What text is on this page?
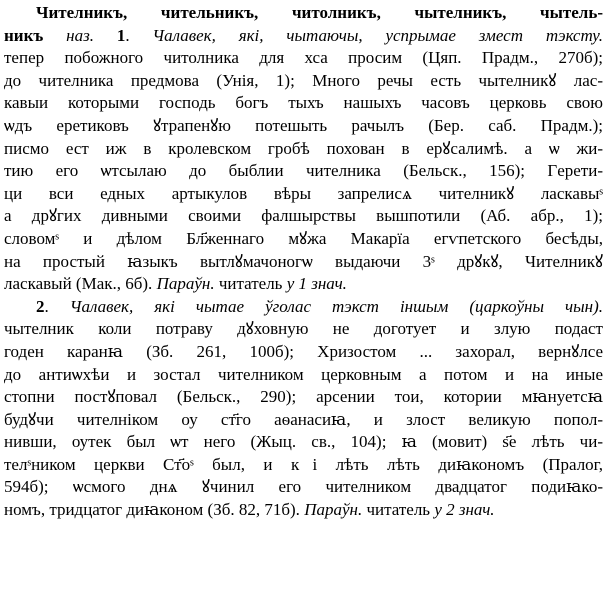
Чителникъ, чительникъ, читолникъ, чытелникъ, чытель-
никъ наз. 1. Чалавек, які, чытаючы, успрымае змест тэксту.
тепер побожного читолника для хса просим (Цяп. Прадм., 270б);
до чителника предмова (Унія, 1); Много речы есть чытелникꙋ лас-
кавыи которыми господь богъ тыхъ нашыхъ часовъ церковь свою
ѡдъ еретиковъ ꙋтрапенꙋю потешыть рачылъ (Бер. саб. Прадм.);
писмо ест иж в кролевском гробѣ похован в ерꙋсалимѣ. а ѡ жи-
тию его ѡтсылаю до быблии чителника (Бельск., 156); Гeрети-
ци вси едных артыкулов вѣры запрелисѧ чителникꙋ ласкавыˢ
а дрꙋгих дивными своими фалшырствы вышпотили (Аб. абр., 1);
словомˢ и дѣлом Бл҃женнаго мꙋжа Макарїа егѵпетского бесѣды,
на простый ꙗзыкъ вытлꙋмачоногѡ выдаючи 3ˢ дрꙋкꙋ, Чителникꙋ
ласкавый (Мак., 6б). Параўн. читатель у 1 знач.
2. Чалавек, які чытае ўголас тэкст іншым (царкоўны чын).
чытелник коли потраву дꙋховную не доготует и злую подаст
годен каранꙗ (Зб. 261, 100б); Хризостом ... захорал, вернꙋлсе
до антиѡхѣи и зостал чителником церковным а потом и на иные
стопни постꙋповал (Бельск., 290); арсении тои, котории мꙗнуетсꙗ
будꙋчи чителніком оу ст҃го аѳанасиꙗ, и злост великую попол-
нивши, оутек был ѡт него (Жыц. св., 104); ꙗ (мовит) ѕ҃е лѣть чи-
телˢником церкви Ст҃оˢ был, и кꙵі лѣть лѣть диꙗкономъ (Пралог,
594б); ѡсмого днѧ ꙋчинил его чителником двадцатог подиꙗко-
номъ, тридцатог диꙗконом (Зб. 82, 71б). Параўн. читатель у 2 знач.
